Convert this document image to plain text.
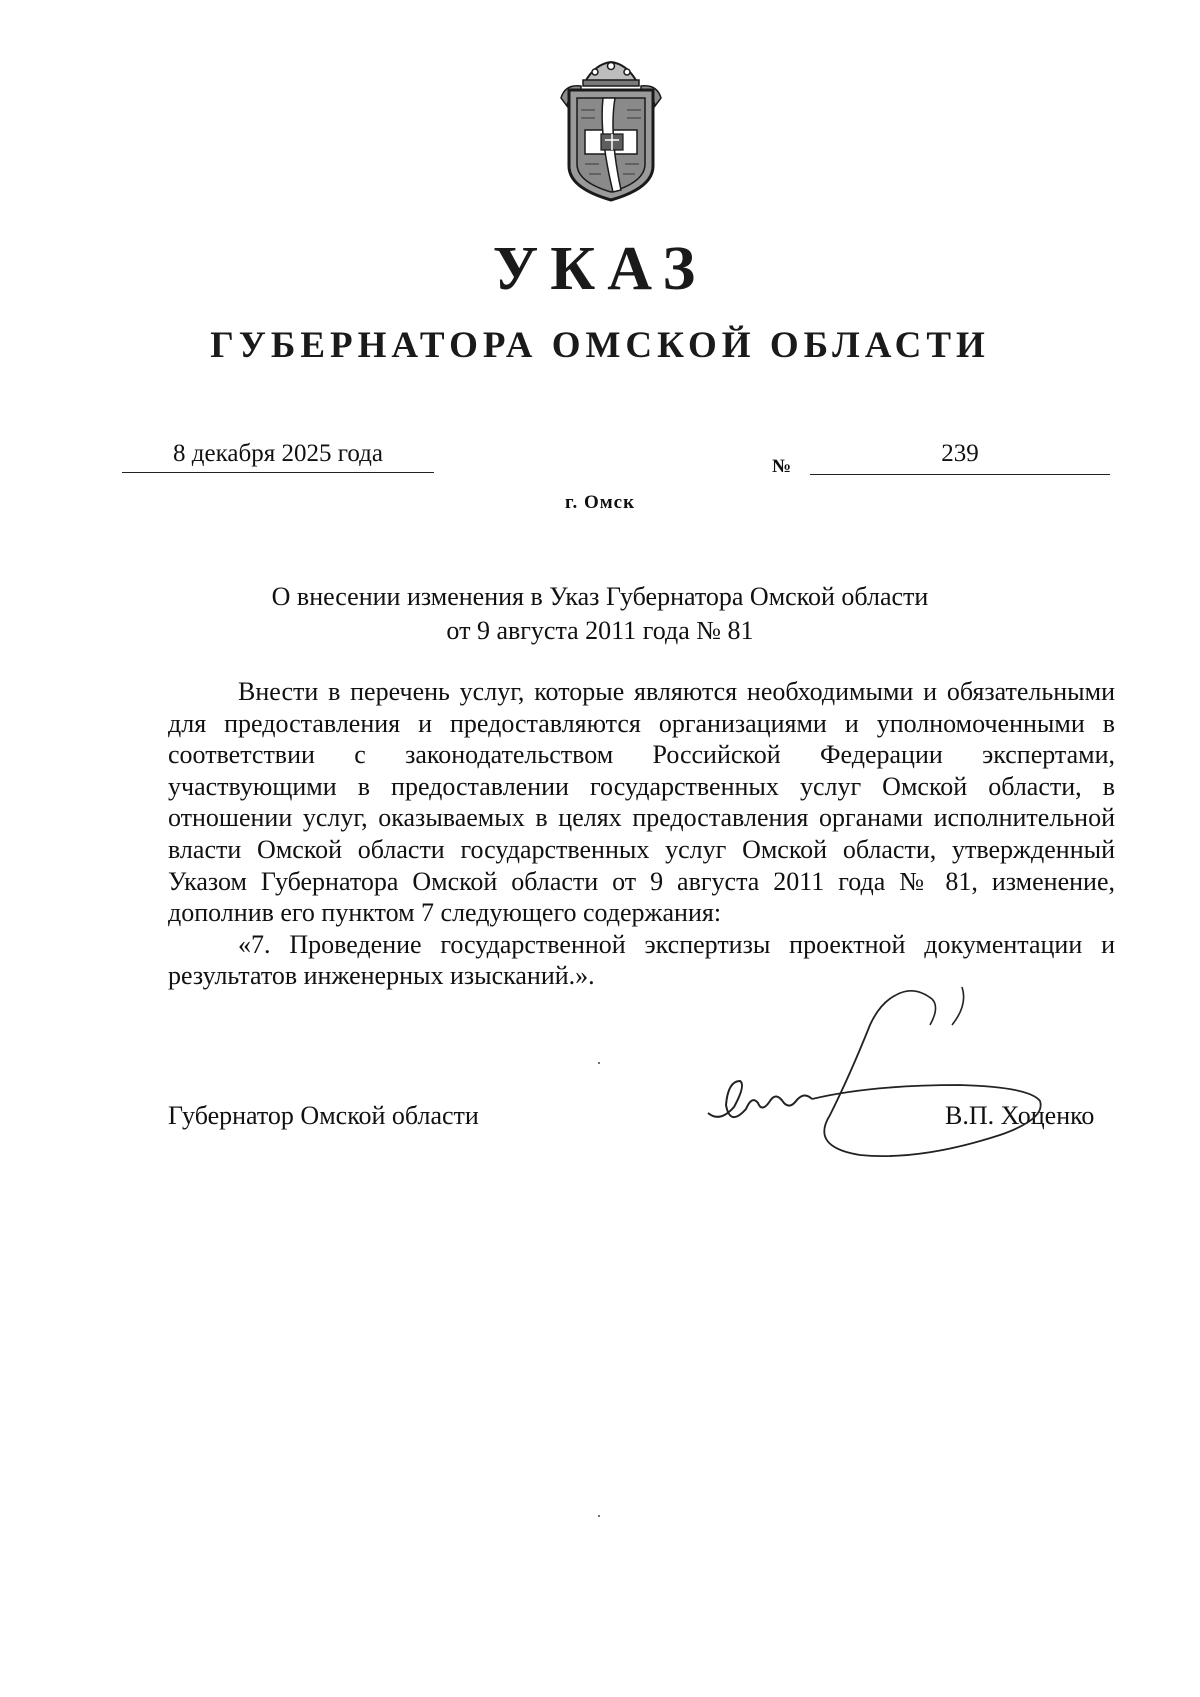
УКАЗ
ГУБЕРНАТОРА ОМСКОЙ ОБЛАСТИ
8 декабря 2025 года	№	239
г. Омск
О внесении изменения в Указ Губернатора Омской области
от 9 августа 2011 года № 81

Внести в перечень услуг, которые являются необходимыми и обязательными для предоставления и предоставляются организациями и уполномоченными в соответствии с законодательством Российской Федерации экспертами, участвующими в предоставлении государственных услуг Омской области, в отношении услуг, оказываемых в целях предоставления органами исполнительной власти Омской области государственных услуг Омской области, утвержденный Указом Губернатора Омской области от 9 августа 2011 года № 81, изменение, дополнив его пунктом 7 следующего содержания:

«7. Проведение государственной экспертизы проектной документации и результатов инженерных изысканий.».

Губернатор Омской области	В.П. Хоценко
